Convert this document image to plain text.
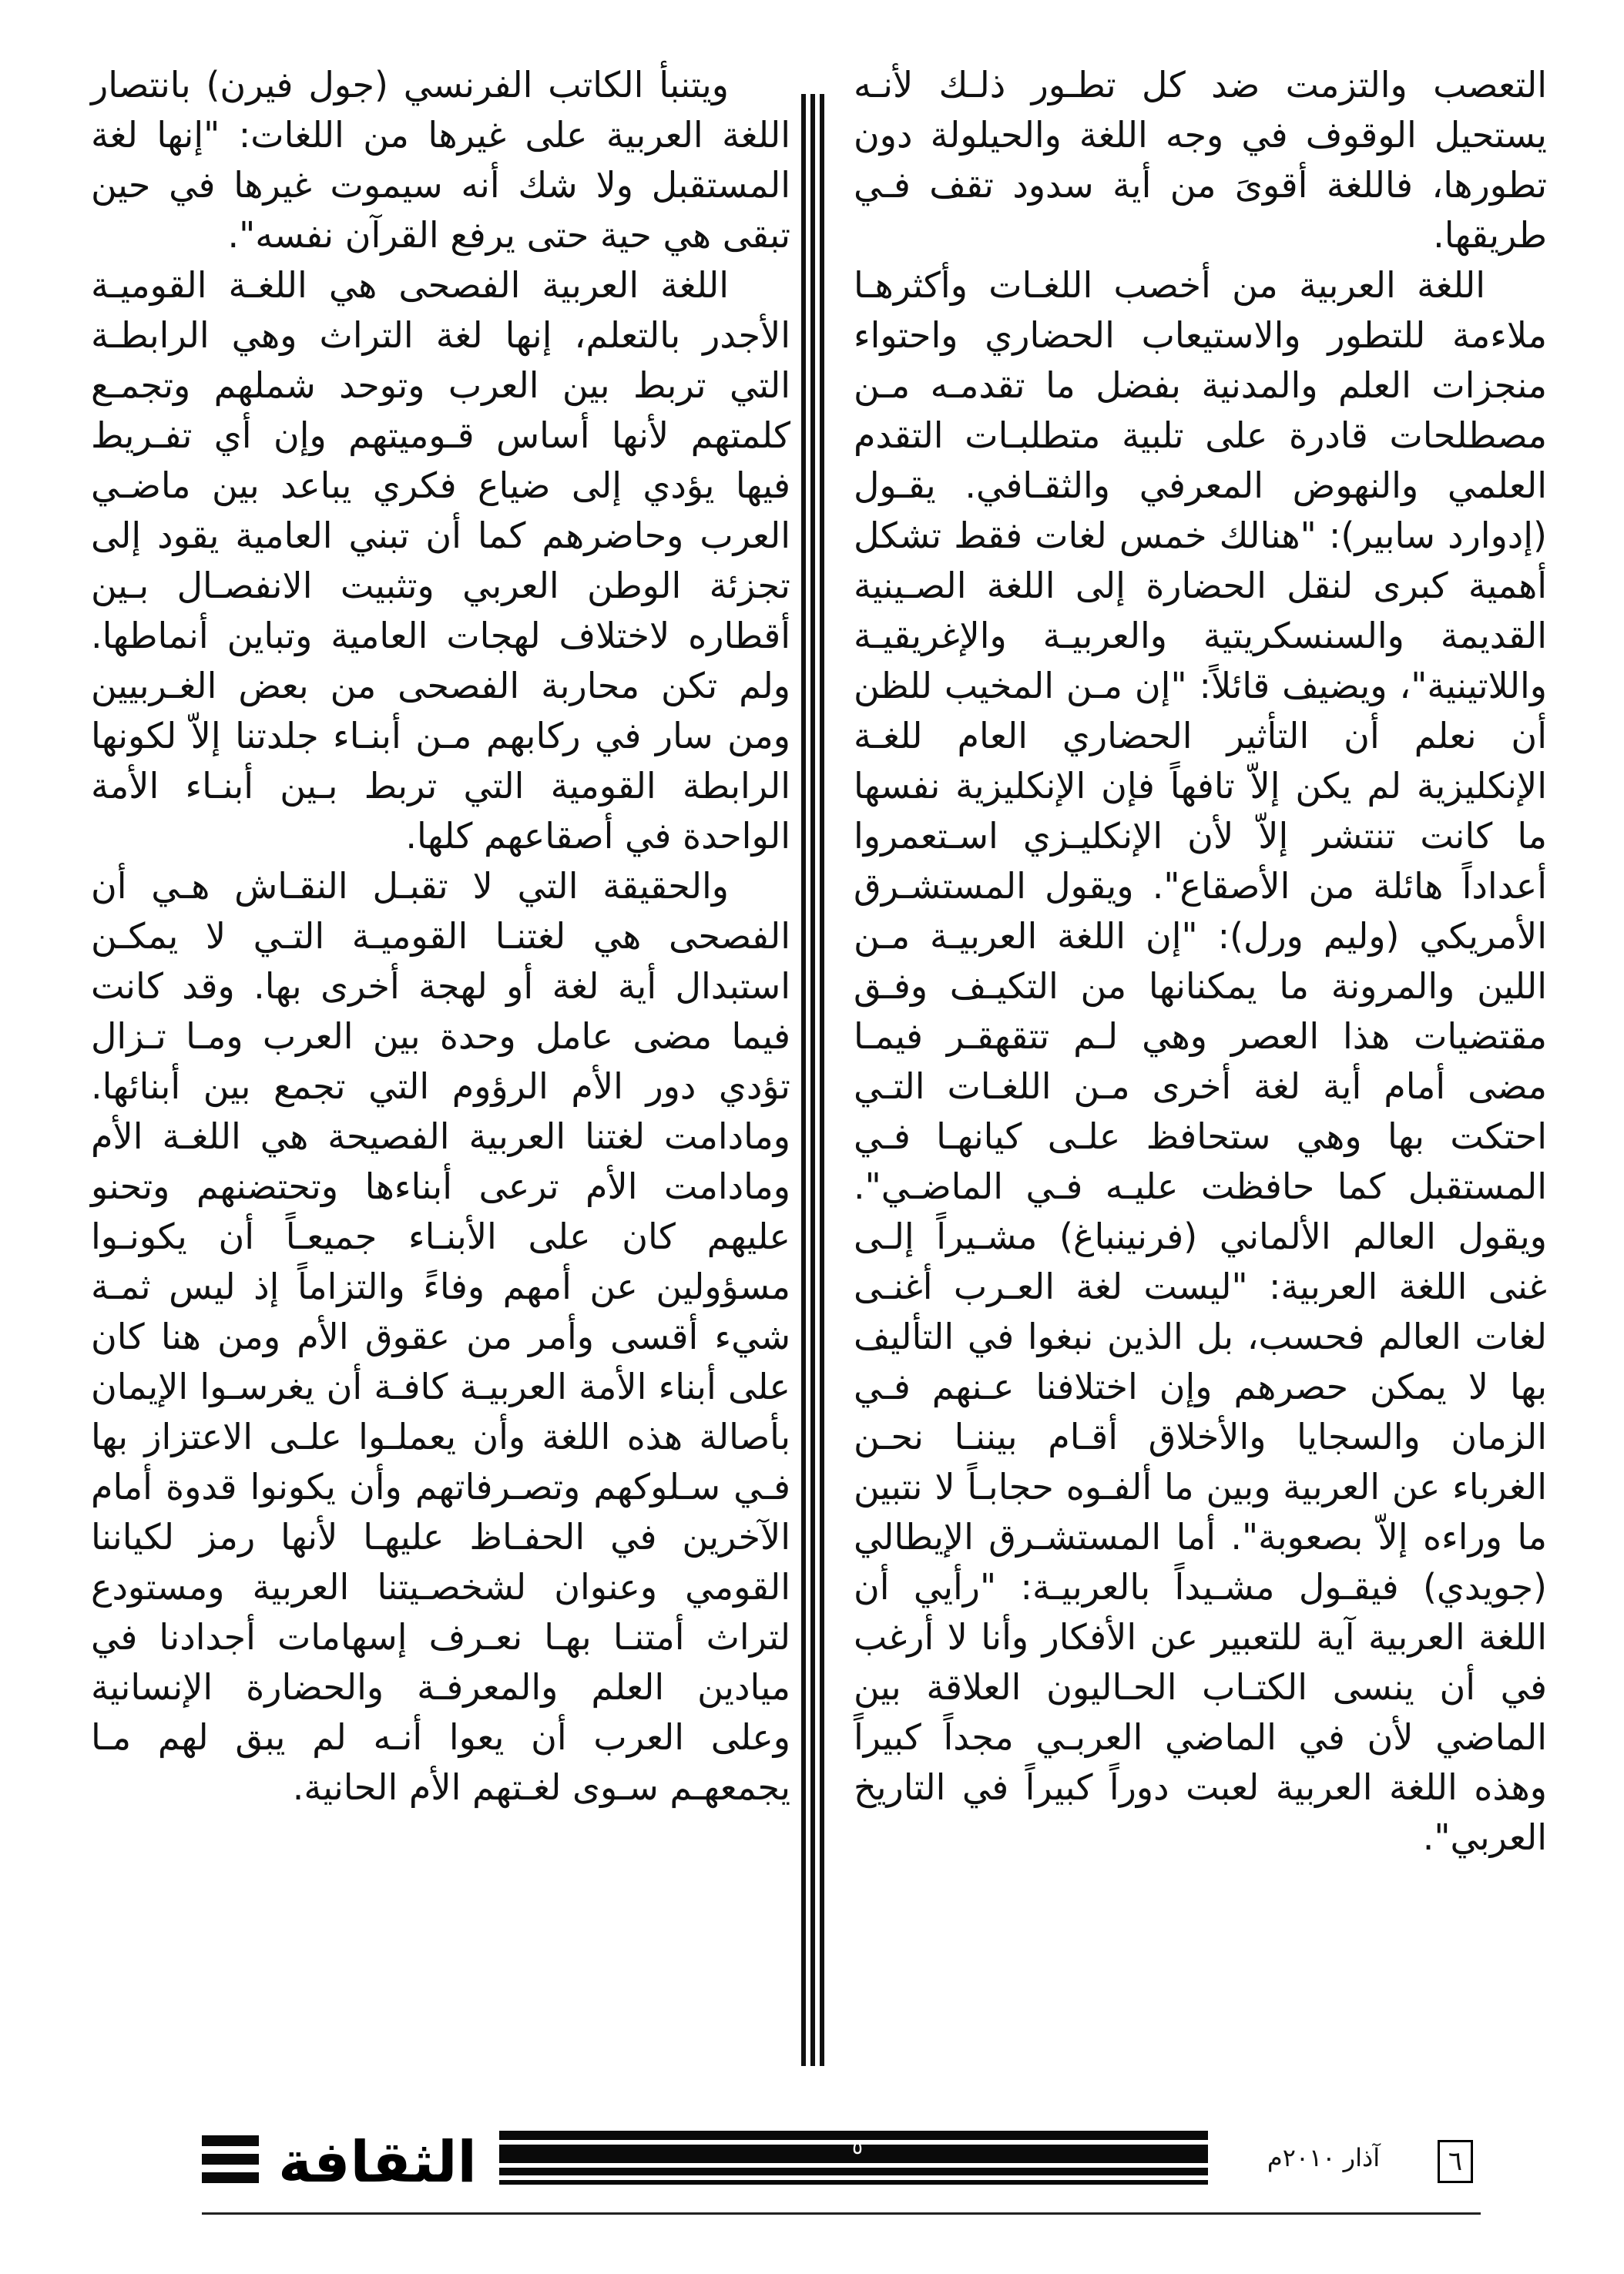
التعصب والتزمت ضد كل تطـور ذلـك لأنـه يستحيل الوقوف في وجه اللغة والحيلولة دون تطورها، فاللغة أقوىَ من أية سدود تقف فـي طريقها.

اللغة العربية من أخصب اللغـات وأكثرهـا ملاءمة للتطور والاستيعاب الحضاري واحتواء منجزات العلم والمدنية بفضل ما تقدمـه مـن مصطلحات قادرة على تلبية متطلبـات التقدم العلمي والنهوض المعرفي والثقـافي. يقـول (إدوارد سابير): "هنالك خمس لغات فقط تشكل أهمية كبرى لنقل الحضارة إلى اللغة الصـينية القديمة والسنسكريتية والعربيـة والإغريقيـة واللاتينية"، ويضيف قائلاً: "إن مـن المخيب للظن أن نعلم أن التأثير الحضاري العام للغـة الإنكليزية لم يكن إلاّ تافهاً فإن الإنكليزية نفسها ما كانت تنتشر إلاّ لأن الإنكليـزي اسـتعمروا أعداداً هائلة من الأصقاع". ويقول المستشـرق الأمريكي (وليم ورل): "إن اللغة العربيـة مـن اللين والمرونة ما يمكنانها من التكيـف وفـق مقتضيات هذا العصر وهي لـم تتقهقـر فيمـا مضى أمام أية لغة أخرى مـن اللغـات التـي احتكت بها وهي ستحافظ علـى كيانهـا فـي المستقبل كما حافظت عليـه فـي الماضـي". ويقول العالم الألماني (فرنينباغ) مشـيراً إلـى غنى اللغة العربية: "ليست لغة العـرب أغنـى لغات العالم فحسب، بل الذين نبغوا في التأليف بها لا يمكن حصرهم وإن اختلافنا عـنهم فـي الزمان والسجايا والأخلاق أقـام بيننـا نحـن الغرباء عن العربية وبين ما ألفـوه حجابـاً لا نتبين ما وراءه إلاّ بصعوبة". أما المستشـرق الإيطالي (جويدي) فيقـول مشـيداً بالعربيـة: "رأيي أن اللغة العربية آية للتعبير عن الأفكار وأنا لا أرغب في أن ينسى الكتـاب الحـاليون العلاقة بين الماضي لأن في الماضي العربـي مجداً كبيراً وهذه اللغة العربية لعبت دوراً كبيراً في التاريخ العربي".

ويتنبأ الكاتب الفرنسي (جول فيرن) بانتصار اللغة العربية على غيرها من اللغات: "إنها لغة المستقبل ولا شك أنه سيموت غيرها في حين تبقى هي حية حتى يرفع القرآن نفسه".

اللغة العربية الفصحى هي اللغـة القوميـة الأجدر بالتعلم، إنها لغة التراث وهي الرابطـة التي تربط بين العرب وتوحد شملهم وتجمـع كلمتهم لأنها أساس قـوميتهم وإن أي تفـريط فيها يؤدي إلى ضياع فكري يباعد بين ماضـي العرب وحاضرهم كما أن تبني العامية يقود إلى تجزئة الوطن العربي وتثبيت الانفصـال بـين أقطاره لاختلاف لهجات العامية وتباين أنماطها. ولم تكن محاربة الفصحى من بعض الغـربيين ومن سار في ركابهم مـن أبنـاء جلدتنا إلاّ لكونها الرابطة القومية التي تربط بـين أبنـاء الأمة الواحدة في أصقاعهم كلها.

والحقيقة التي لا تقبـل النقـاش هـي أن الفصحى هي لغتنـا القوميـة التـي لا يمكـن استبدال أية لغة أو لهجة أخرى بها. وقد كانت فيما مضى عامل وحدة بين العرب ومـا تـزال تؤدي دور الأم الرؤوم التي تجمع بين أبنائها. ومادامت لغتنا العربية الفصيحة هي اللغـة الأم ومادامت الأم ترعى أبناءها وتحتضنهم وتحنو عليهم كان على الأبنـاء جميعـاً أن يكونـوا مسؤولين عن أمهم وفاءً والتزاماً إذ ليس ثمـة شيء أقسى وأمر من عقوق الأم ومن هنا كان على أبناء الأمة العربيـة كافـة أن يغرسـوا الإيمان بأصالة هذه اللغة وأن يعملـوا علـى الاعتزاز بها فـي سـلوكهم وتصـرفاتهم وأن يكونوا قدوة أمام الآخرين في الحفـاظ عليهـا لأنها رمز لكياننا القومي وعنوان لشخصـيتنا العربية ومستودع لتراث أمتنـا بهـا نعـرف إسهامات أجدادنا في ميادين العلم والمعرفـة والحضارة الإنسانية وعلى العرب أن يعوا أنـه لم يبق لهم مـا يجمعهـم سـوى لغـتهم الأم الحانية.

الثقافة	٥	آذار ٢٠١٠م	٦
